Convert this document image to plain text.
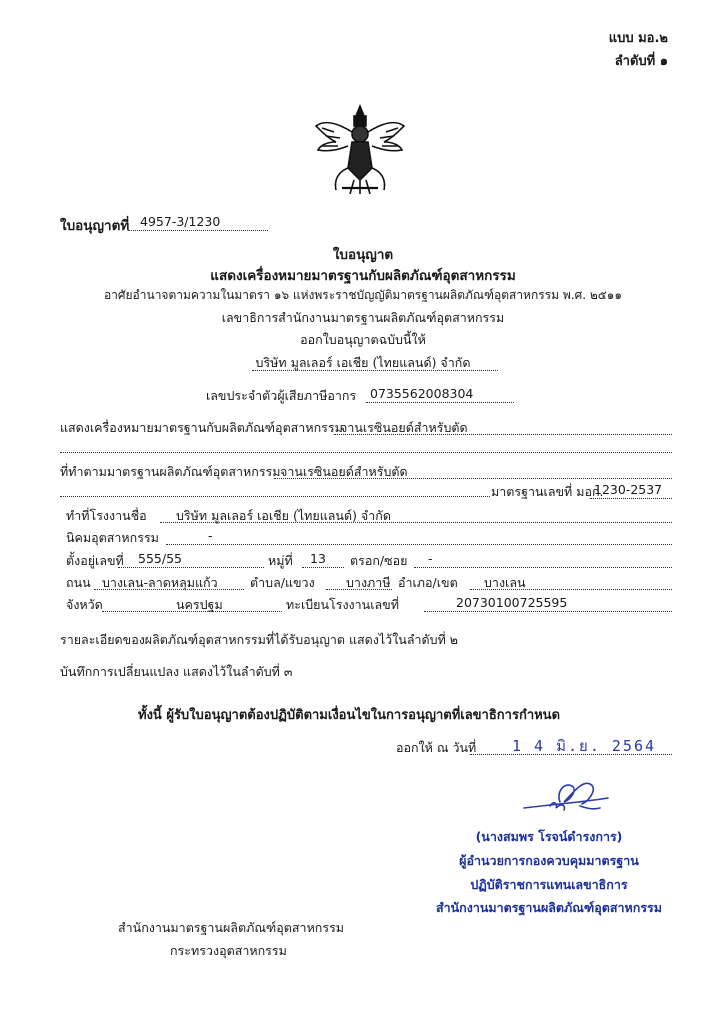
แบบ มอ.๒
ลำดับที่ ๑
ใบอนุญาตที่ 4957-3/1230
ใบอนุญาต
แสดงเครื่องหมายมาตรฐานกับผลิตภัณฑ์อุตสาหกรรม
อาศัยอำนาจตามความในมาตรา ๑๖ แห่งพระราชบัญญัติมาตรฐานผลิตภัณฑ์อุตสาหกรรม พ.ศ. ๒๕๑๑
เลขาธิการสำนักงานมาตรฐานผลิตภัณฑ์อุตสาหกรรม
ออกใบอนุญาตฉบับนี้ให้
บริษัท มูลเลอร์ เอเชีย (ไทยแลนด์) จำกัด
เลขประจำตัวผู้เสียภาษีอากร 0735562008304
แสดงเครื่องหมายมาตรฐานกับผลิตภัณฑ์อุตสาหกรรม
จานเรซินอยด์สำหรับตัด
ที่ทำตามมาตรฐานผลิตภัณฑ์อุตสาหกรรม จานเรซินอยด์สำหรับตัด
มาตรฐานเลขที่ มอก.
1230-2537
ทำที่โรงงานชื่อ บริษัท มูลเลอร์ เอเชีย (ไทยแลนด์) จำกัด
นิคมอุตสาหกรรม	-
ตั้งอยู่เลขที่ 555/55	หมู่ที่ 13 ตรอก/ซอย -
ถนน บางเลน-ลาดหลุมแก้ว	ตำบล/แขวง	บางภาษี อำเภอ/เขต บางเลน
จังหวัด	นครปฐม	ทะเบียนโรงงานเลขที่	20730100725595
รายละเอียดของผลิตภัณฑ์อุตสาหกรรมที่ได้รับอนุญาต แสดงไว้ในลำดับที่ ๒
บันทึกการเปลี่ยนแปลง แสดงไว้ในลำดับที่ ๓
ทั้งนี้ ผู้รับใบอนุญาตต้องปฏิบัติตามเงื่อนไขในการอนุญาตที่เลขาธิการกำหนด
ออกให้ ณ วันที่ 1 4 มิ.ย. 2564
(นางสมพร โรจน์ดำรงการ)
ผู้อำนวยการกองควบคุมมาตรฐาน
ปฏิบัติราชการแทนเลขาธิการ
สำนักงานมาตรฐานผลิตภัณฑ์อุตสาหกรรม
สำนักงานมาตรฐานผลิตภัณฑ์อุตสาหกรรม
กระทรวงอุตสาหกรรม
